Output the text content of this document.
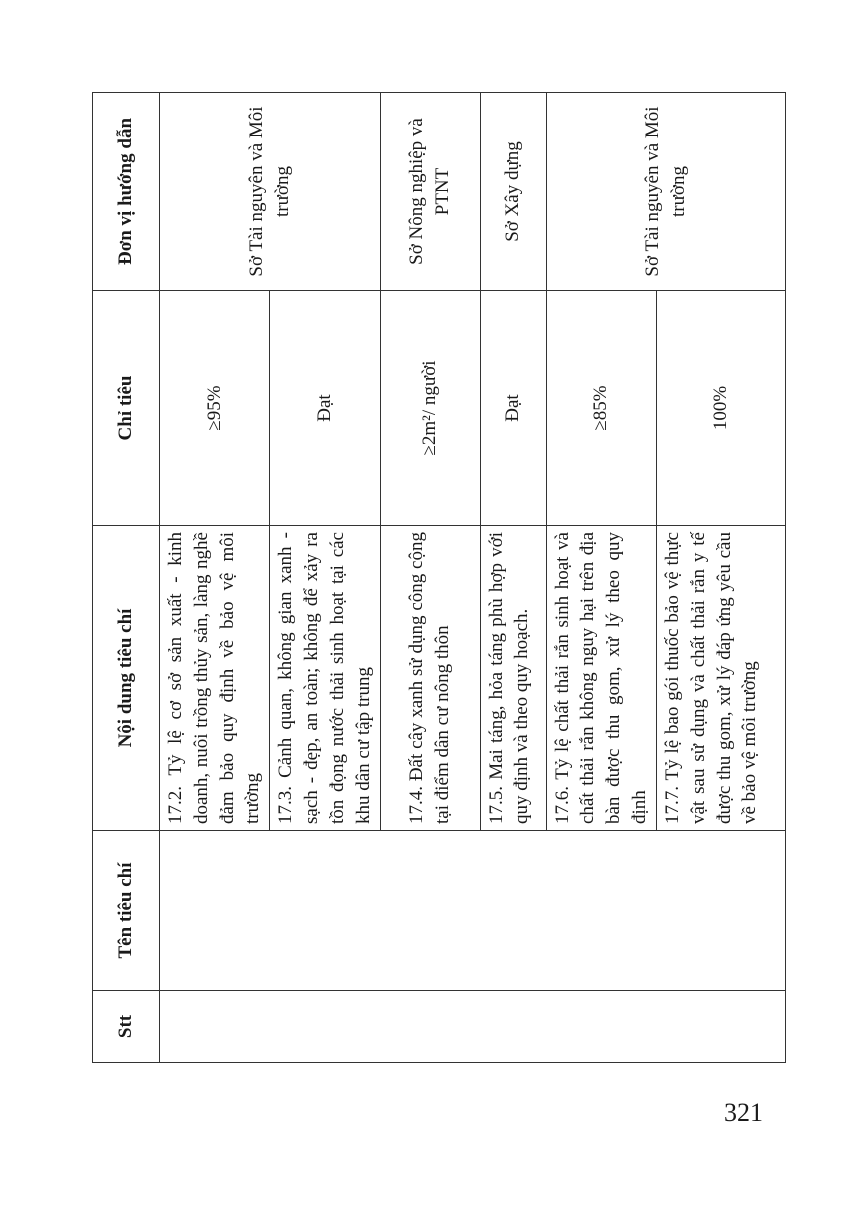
Stt	Tên tiêu chí	Nội dung tiêu chí	Chỉ tiêu	Đơn vị hướng dẫn
		17.2. Tỷ lệ cơ sở sản xuất - kinh doanh, nuôi trồng thủy sản, làng nghề đảm bảo quy định về bảo vệ môi trường	≥95%	Sở Tài nguyên và Môi trường
		17.3. Cảnh quan, không gian xanh - sạch - đẹp, an toàn; không để xảy ra tồn đọng nước thải sinh hoạt tại các khu dân cư tập trung	Đạt	
		17.4. Đất cây xanh sử dụng công cộng tại điểm dân cư nông thôn	≥2m²/ người	Sở Nông nghiệp và PTNT
		17.5. Mai táng, hỏa táng phù hợp với quy định và theo quy hoạch.	Đạt	Sở Xây dựng
		17.6. Tỷ lệ chất thải rắn sinh hoạt và chất thải rắn không nguy hại trên địa bàn được thu gom, xử lý theo quy định	≥85%	Sở Tài nguyên và Môi trường
		17.7. Tỷ lệ bao gói thuốc bảo vệ thực vật sau sử dụng và chất thải rắn y tế được thu gom, xử lý đáp ứng yêu cầu về bảo vệ môi trường	100%	
321
